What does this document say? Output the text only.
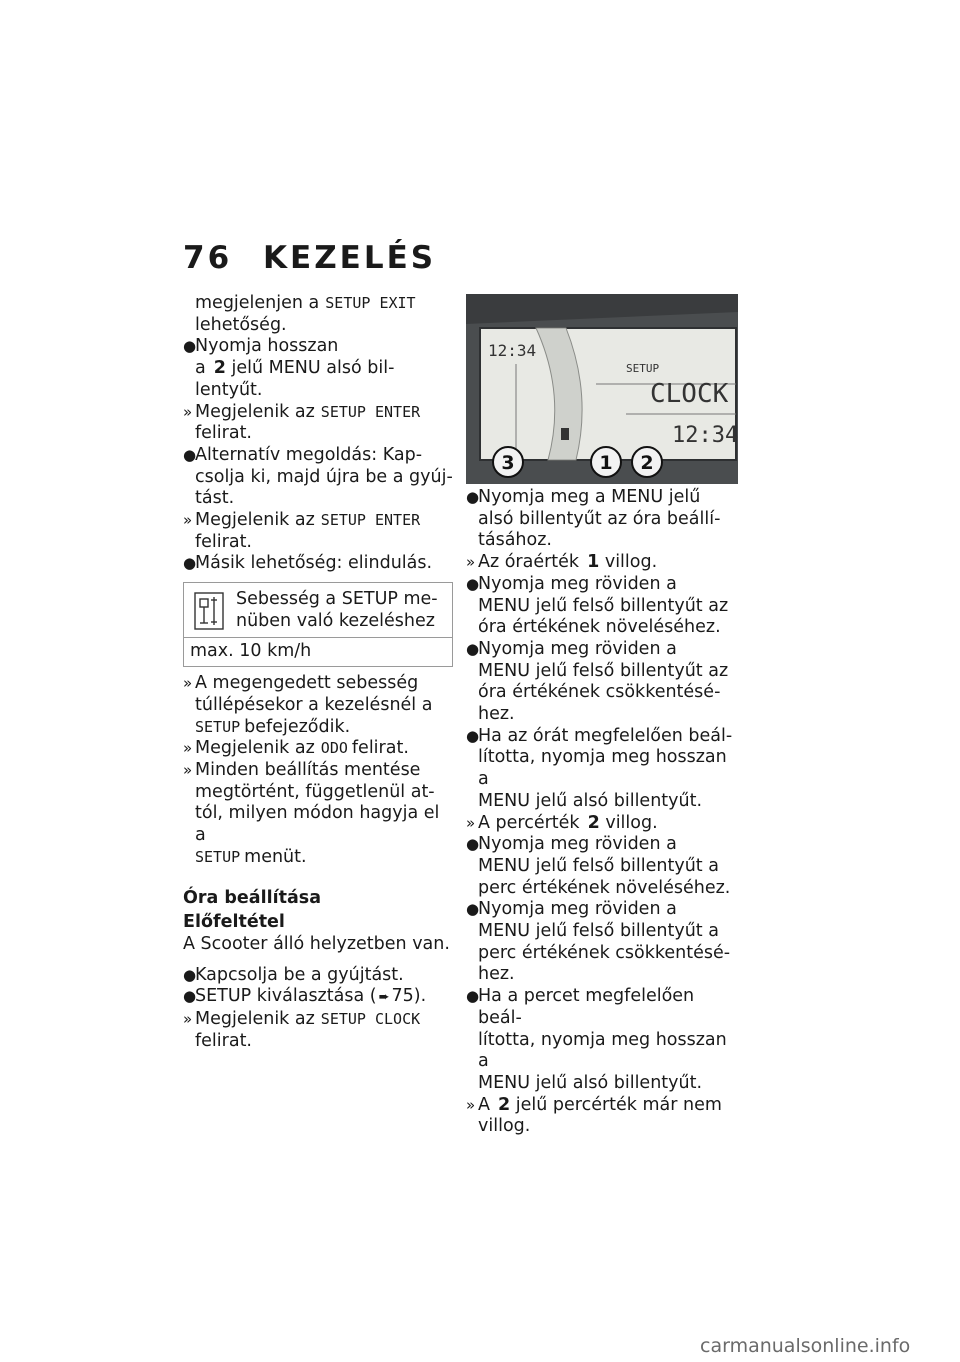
76 KEZELÉS

megjelenjen a SETUP EXIT
lehetőség.

●
Nyomja hosszan
a 2 jelű MENU alsó bil-
lentyűt.

» Megjelenik az SETUP ENTER
felirat.

●
Alternatív megoldás: Kap-
csolja ki, majd újra be a gyúj-
tást.

» Megjelenik az SETUP ENTER
felirat.

●
Másik lehetőség: elindulás.

Sebesség a SETUP me-
nüben való kezeléshez
max. 10 km/h

» A megengedett sebesség
túllépésekor a kezelésnél a
SETUP befejeződik.

» Megjelenik az ODO felirat.

» Minden beállítás mentése
megtörtént, függetlenül at-
tól, milyen módon hagyja el a
SETUP menüt.

Óra beállítása

Előfeltétel

A Scooter álló helyzetben van.

●
Kapcsolja be a gyújtást.

●
SETUP kiválasztása ( ➨ 75).

» Megjelenik az SETUP CLOCK
felirat.

12:34
SETUP
CLOCK
12:34
3	1 2

●
Nyomja meg a MENU jelű
alsó billentyűt az óra beállí-
tásához.

» Az óraérték 1 villog.

●
Nyomja meg röviden a
MENU jelű felső billentyűt az
óra értékének növeléséhez.

●
Nyomja meg röviden a
MENU jelű felső billentyűt az
óra értékének csökkentésé-
hez.

●
Ha az órát megfelelően beál-
lította, nyomja meg hosszan a
MENU jelű alsó billentyűt.

» A percérték 2 villog.

●
Nyomja meg röviden a
MENU jelű felső billentyűt a
perc értékének növeléséhez.

●
Nyomja meg röviden a
MENU jelű felső billentyűt a
perc értékének csökkentésé-
hez.

●
Ha a percet megfelelően beál-
lította, nyomja meg hosszan a
MENU jelű alsó billentyűt.

» A 2 jelű percérték már nem
villog.

carmanualsonline.info
